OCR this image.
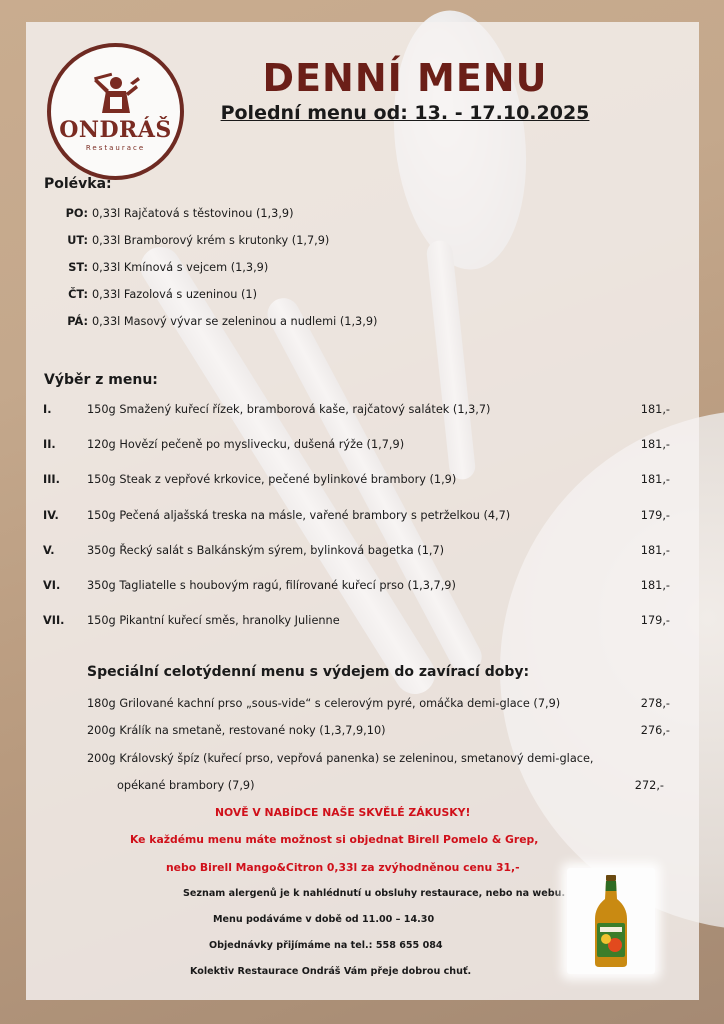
ONDRÁŠ
Restaurace
DENNÍ MENU
Polední menu od: 13. - 17.10.2025
Polévka:
PO: 0,33l Rajčatová s těstovinou (1,3,9)
UT: 0,33l Bramborový krém s krutonky (1,7,9)
ST: 0,33l Kmínová s vejcem (1,3,9)
ČT: 0,33l Fazolová s uzeninou (1)
PÁ: 0,33l Masový vývar se zeleninou a nudlemi (1,3,9)
Výběr z menu:
I.	150g Smažený kuřecí řízek, bramborová kaše, rajčatový salátek (1,3,7)	181,-
II.	120g Hovězí pečeně po myslivecku, dušená rýže (1,7,9)	181,-
III. 150g Steak z vepřové krkovice, pečené bylinkové brambory (1,9)	181,-
IV. 150g Pečená aljašská treska na másle, vařené brambory s petrželkou (4,7)	179,-
V.	350g Řecký salát s Balkánským sýrem, bylinková bagetka (1,7)	181,-
VI. 350g Tagliatelle s houbovým ragú, filírované kuřecí prso (1,3,7,9)	181,-
VII. 150g Pikantní kuřecí směs, hranolky Julienne	179,-
Speciální celotýdenní menu s výdejem do zavírací doby:
180g Grilované kachní prso „sous-vide“ s celerovým pyré, omáčka demi-glace (7,9)	278,-
200g Králík na smetaně, restované noky (1,3,7,9,10)	276,-
200g Královský špíz (kuřecí prso, vepřová panenka) se zeleninou, smetanový demi-glace,
opékané brambory (7,9)	272,-
NOVĚ V NABÍDCE NAŠE SKVĚLÉ ZÁKUSKY!
Ke každému menu máte možnost si objednat Birell Pomelo & Grep,
nebo Birell Mango&Citron 0,33l za zvýhodněnou cenu 31,-
Seznam alergenů je k nahlédnutí u obsluhy restaurace, nebo na webu.
Menu podáváme v době od 11.00 – 14.30
Objednávky přijímáme na tel.: 558 655 084
Kolektiv Restaurace Ondráš Vám přeje dobrou chuť.
